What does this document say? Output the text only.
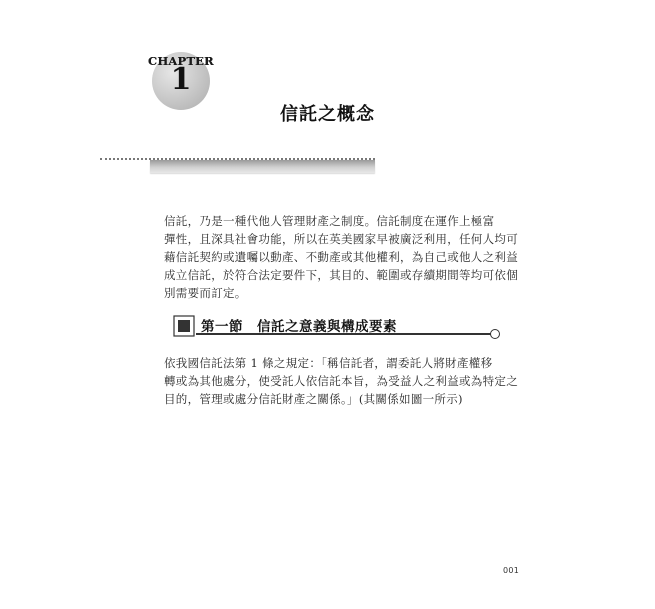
CHAPTER
1
信託之概念
信託，乃是一種代他人管理財產之制度。信託制度在運作上極富
彈性，且深具社會功能，所以在英美國家早被廣泛利用，任何人均可
藉信託契約或遺囑以動產、不動產或其他權利，為自己或他人之利益
成立信託，於符合法定要件下，其目的、範圍或存續期間等均可依個
別需要而訂定。
第一節　信託之意義與構成要素
依我國信託法第 1 條之規定：「稱信託者，謂委託人將財產權移
轉或為其他處分，使受託人依信託本旨，為受益人之利益或為特定之
目的，管理或處分信託財產之關係。」(其關係如圖一所示)
001
